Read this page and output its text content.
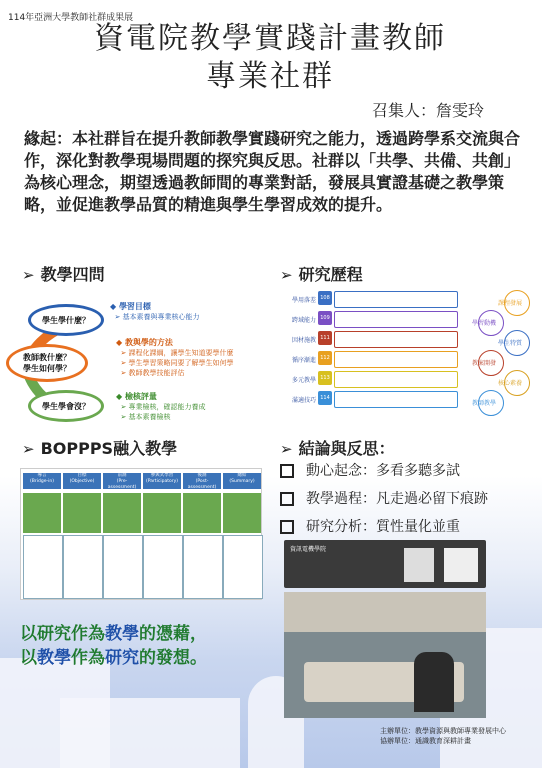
114年亞洲大學教師社群成果展
資電院教學實踐計畫教師
專業社群
召集人：詹雯玲
緣起：本社群旨在提升教師教學實踐研究之能力，透過跨學系交流與合作，深化對教學現場問題的探究與反思。社群以「共學、共備、共創」為核心理念，期望透過教師間的專業對話，發展具實證基礎之教學策略，並促進教學品質的精進與學生學習成效的提升。
➢ 教學四問
學生學什麼？
教師教什麼？
學生如何學？
學生學會沒？
◆ 學習目標
➢ 基本素養與專業核心能力
◆ 教與學的方法
➢ 課程化課綱，讓學生知道要學什麼
➢ 學生學習策略同要了解學生如何學
➢ 教師教學技能評估
◆ 檢核評量
➢ 專業檢核，確認能力養成
➢ 基本素養檢核
➢ 研究歷程
學用落差 108
跨域能力 109
因材施教 111
循序漸進 112
多元教學 113
滿適技巧 114
課程發展
學習動機
學生特質
教案開發
核心素養
教師教學
➢ BOPPPS融入教學
導言
(Bridge-in)
目標
(Objective)
前測
(Pre-assessment)
參與式學習
(Participatory)
後測
(Post-assessment)
總結
(Summary)
➢ 結論與反思：
動心起念：多看多聽多試
教學過程：凡走過必留下痕跡
研究分析：質性量化並重
資訊電機學院
以研究作為教學的憑藉，
以教學作為研究的發想。
主辦單位：教學資源與教師專業發展中心
協辦單位：通識教育深耕計畫
